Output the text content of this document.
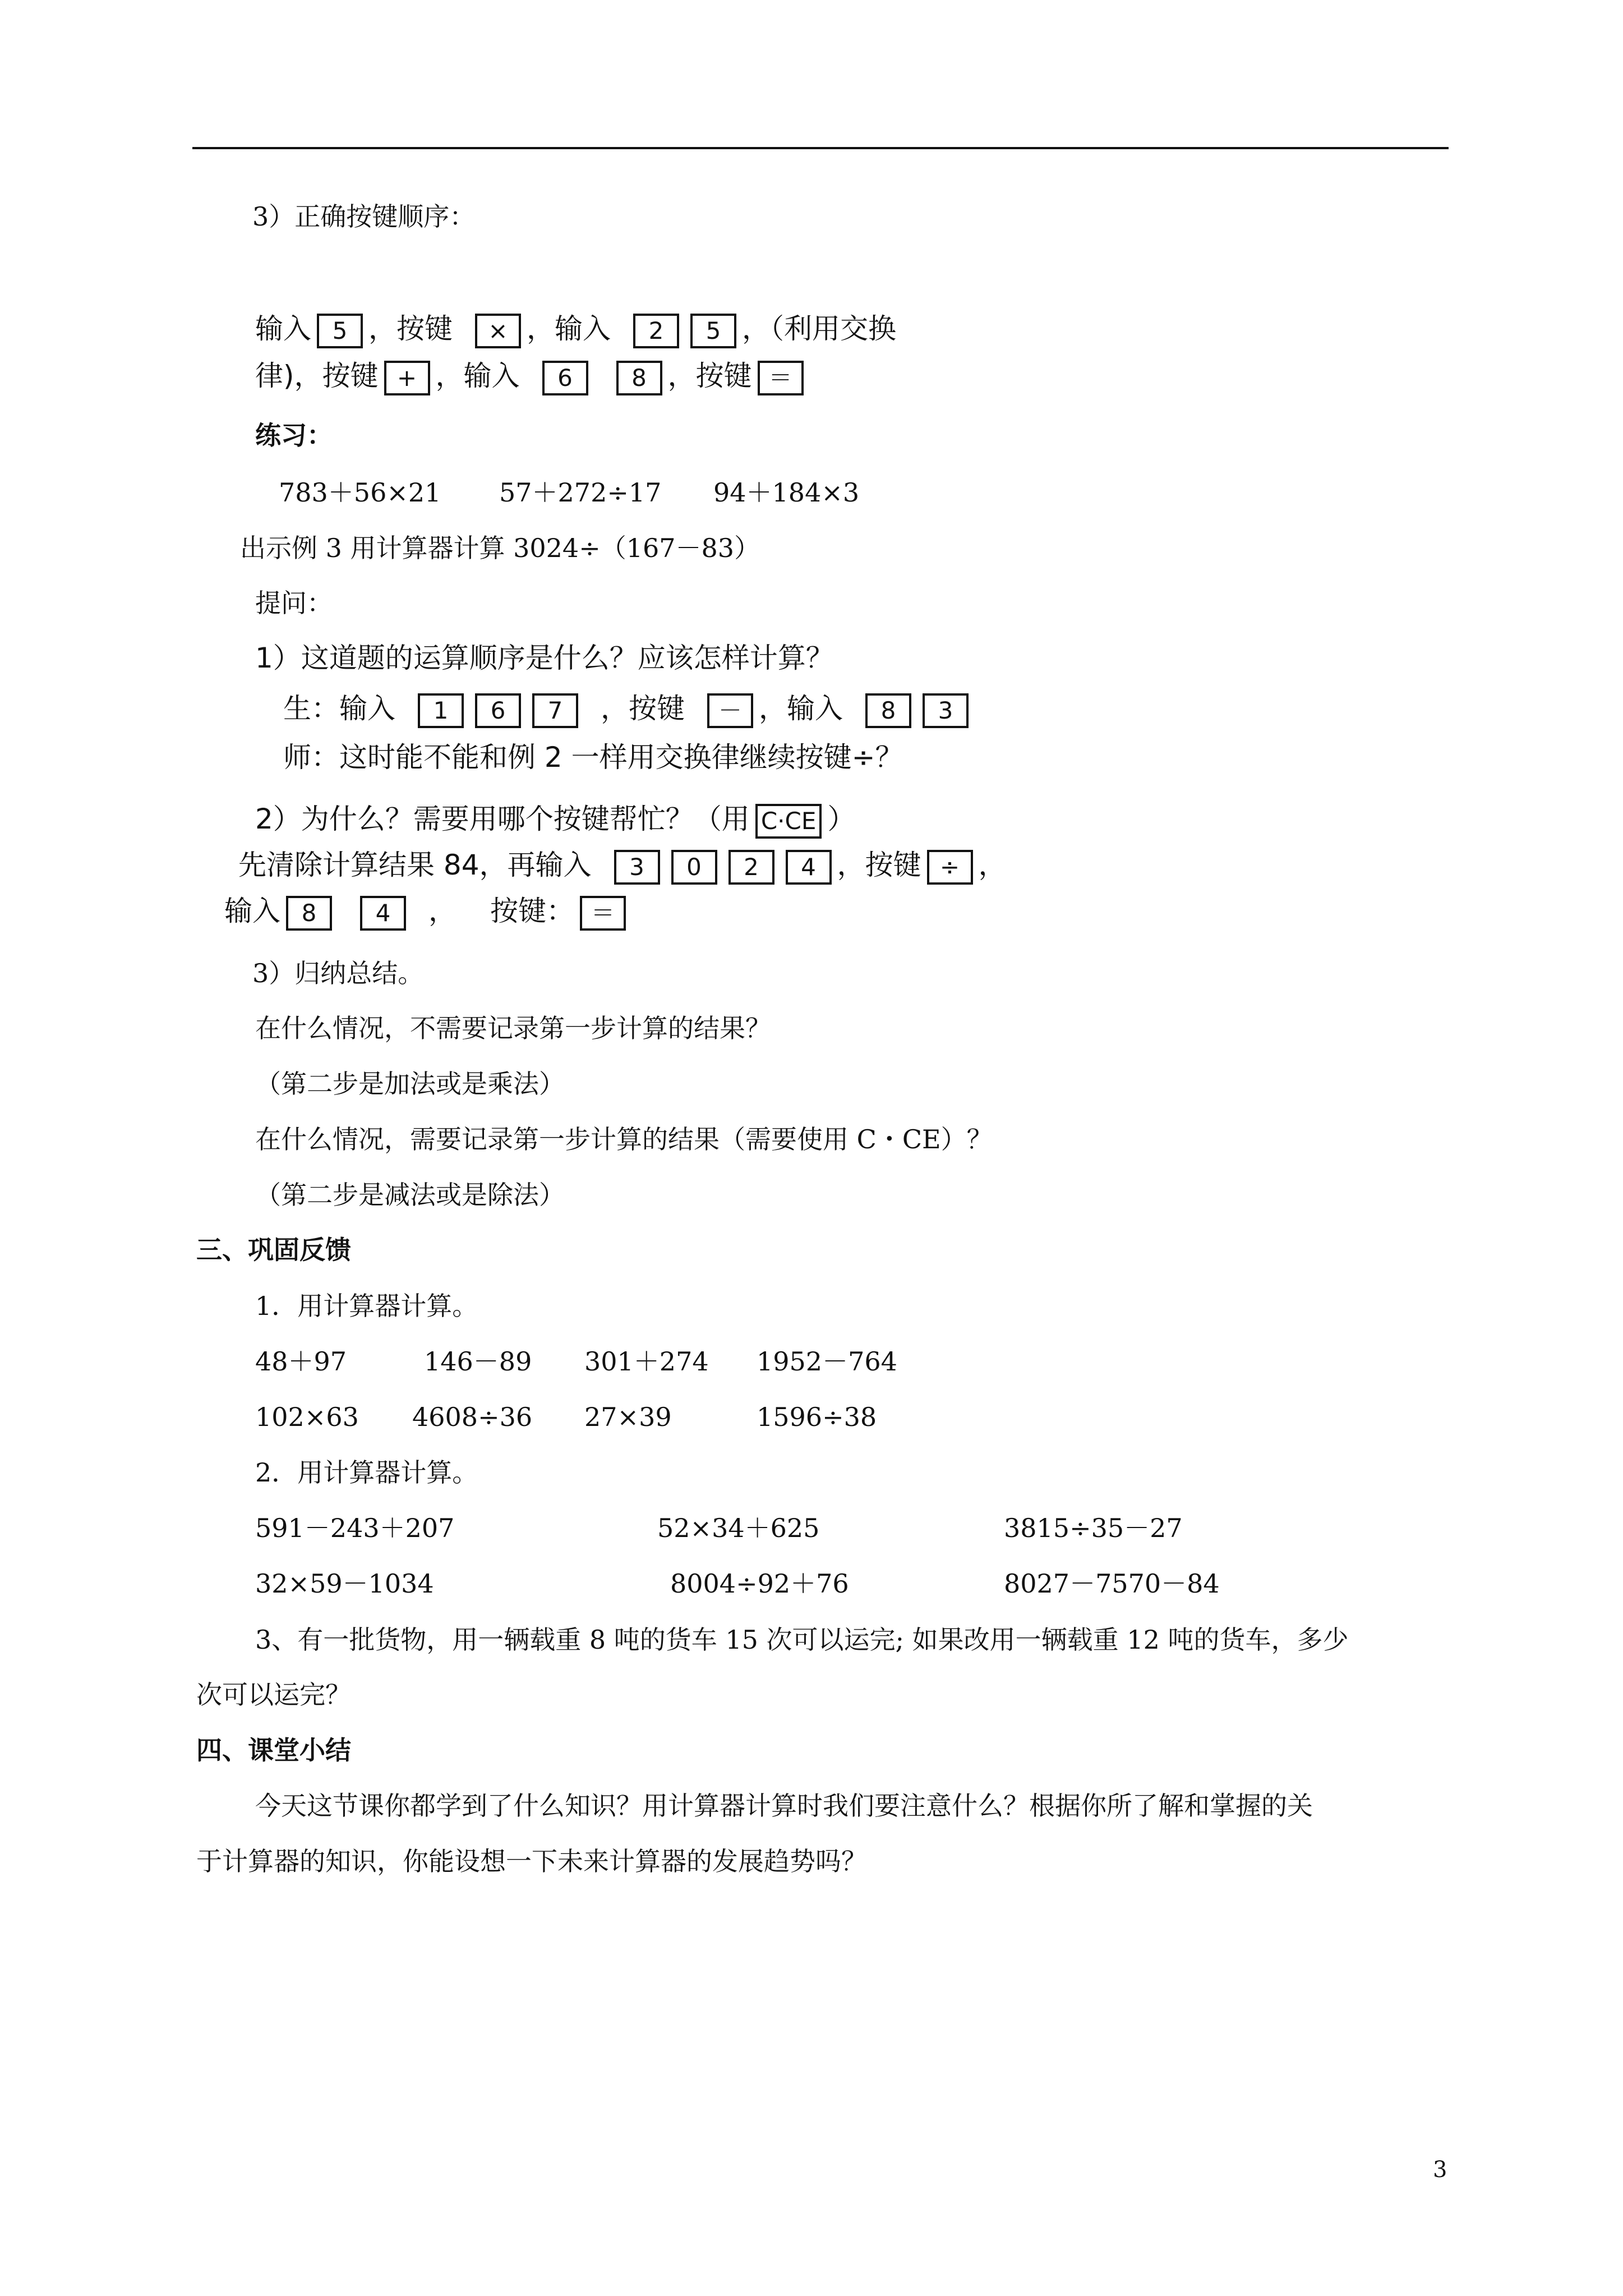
3）正确按键顺序：
输入 5 ，按键 × ，输入 2 5 ，（利用交换
律)，按键 + ，输入 6	8 ，按键 ＝
练习：
783＋56×21 57＋272÷17 94＋184×3
出示例 3 用计算器计算 3024÷（167－83）
提问：
1）这道题的运算顺序是什么？应该怎样计算？
生：输入 1 6 7 ，按键 － ，输入 8 3
师：这时能不能和例 2 一样用交换律继续按键÷？
2）为什么？需要用哪个按键帮忙？（用 C·CE ）
先清除计算结果 84，再输入 3 0 2 4 ，按键 ÷ ，
输入 8	4 ， 按键： ＝
3）归纳总结。
在什么情况，不需要记录第一步计算的结果？
（第二步是加法或是乘法）
在什么情况，需要记录第一步计算的结果（需要使用 C・CE）？
（第二步是减法或是除法）
三、巩固反馈
1．用计算器计算。
48＋97	146－89 301＋274 1952－764
102×63 4608÷36 27×39	1596÷38
2．用计算器计算。
591－243＋207	52×34＋625	3815÷35－27
32×59－1034	8004÷92＋76	8027－7570－84
3、有一批货物，用一辆载重 8 吨的货车 15 次可以运完; 如果改用一辆载重 12 吨的货车，多少
次可以运完？
四、课堂小结
今天这节课你都学到了什么知识？用计算器计算时我们要注意什么？根据你所了解和掌握的关
于计算器的知识，你能设想一下未来计算器的发展趋势吗？
3
